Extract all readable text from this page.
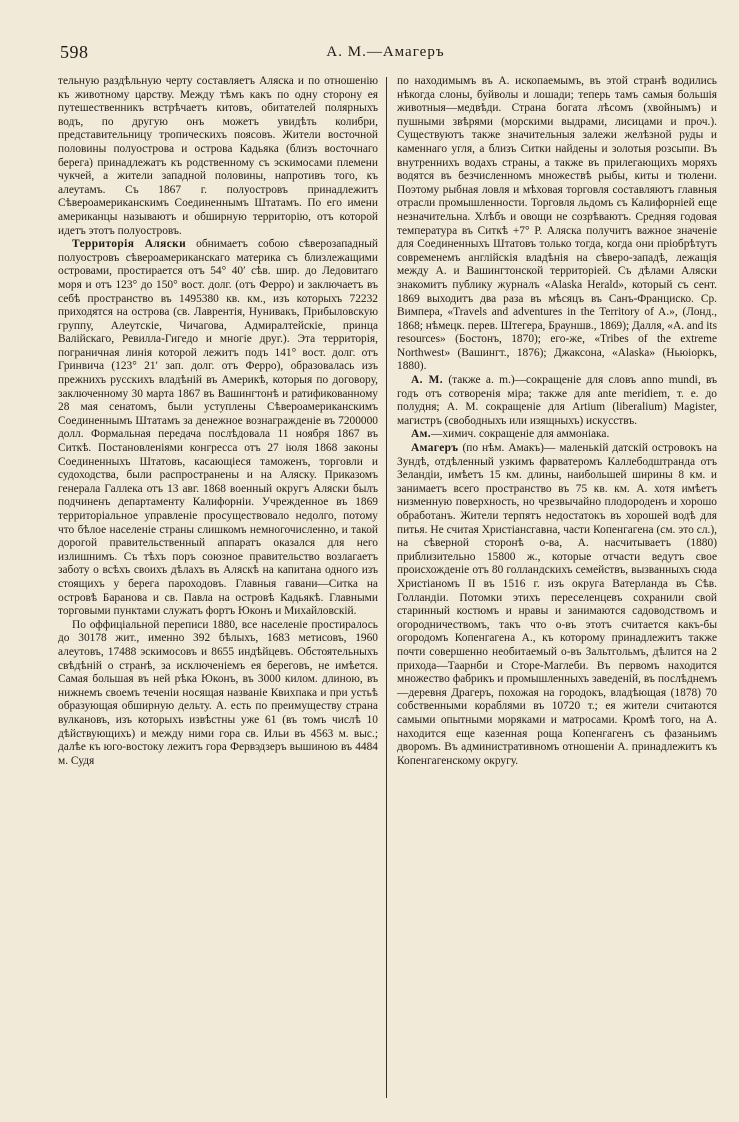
598	А. М.—Амагеръ

тельную раздѣльную черту составляетъ Аляска и по отношенію къ животному царству. Между тѣмъ какъ по одну сторону ея путешественникъ встрѣчаетъ китовъ, обитателей полярныхъ водъ, по другую онъ можетъ увидѣть колибри, представительницу тропическихъ поясовъ. Жители восточной половины полуострова и острова Кадьяка (близъ восточнаго берега) принадлежатъ къ родственному съ эскимосами племени чукчей, а жители западной половины, напротивъ того, къ алеутамъ. Съ 1867 г. полуостровъ принадлежитъ Сѣвероамериканскимъ Соединеннымъ Штатамъ. По его имени американцы называютъ и обширную территорію, отъ которой идетъ этотъ полуостровъ.

Территорія Аляски обнимаетъ собою сѣверозападный полуостровъ сѣвероамериканскаго материка съ близлежащими островами, простирается отъ 54° 40′ сѣв. шир. до Ледовитаго моря и отъ 123° до 150° вост. долг. (отъ Ферро) и заключаетъ въ себѣ пространство въ 1495380 кв. км., изъ которыхъ 72232 приходятся на острова (св. Лаврентія, Нунивакъ, Прибыловскую группу, Алеутскіе, Чичагова, Адмиралтейскіе, принца Валійскаго, Ревилла-Гигедо и многіе друг.). Эта территорія, пограничная линія которой лежитъ подъ 141° вост. долг. отъ Гринвича (123° 21′ зап. долг. отъ Ферро), образовалась изъ прежнихъ русскихъ владѣній въ Америкѣ, которыя по договору, заключенному 30 марта 1867 въ Вашингтонѣ и ратификованному 28 мая сенатомъ, были уступлены Сѣвероамериканскимъ Соединеннымъ Штатамъ за денежное вознагражденіе въ 7200000 долл. Формальная передача послѣдовала 11 ноября 1867 въ Ситкѣ. Постановленіями конгресса отъ 27 іюля 1868 законы Соединенныхъ Штатовъ, касающіеся таможенъ, торговли и судоходства, были распространены и на Аляску. Приказомъ генерала Галлека отъ 13 авг. 1868 военный округъ Аляски былъ подчиненъ департаменту Калифорніи. Учрежденное въ 1869 территоріальное управленіе просуществовало недолго, потому что бѣлое населеніе страны слишкомъ немногочисленно, и такой дорогой правительственный аппаратъ оказался для него излишнимъ. Съ тѣхъ поръ союзное правительство возлагаетъ заботу о всѣхъ своихъ дѣлахъ въ Аляскѣ на капитана одного изъ стоящихъ у берега пароходовъ. Главныя гавани—Ситка на островѣ Баранова и св. Павла на островѣ Кадьякѣ. Главными торговыми пунктами служатъ фортъ Юконъ и Михайловскій.

По оффиціальной переписи 1880, все населеніе простиралось до 30178 жит., именно 392 бѣлыхъ, 1683 метисовъ, 1960 алеутовъ, 17488 эскимосовъ и 8655 индѣйцевъ. Обстоятельныхъ свѣдѣній о странѣ, за исключеніемъ ея береговъ, не имѣется. Самая большая въ ней рѣка Юконъ, въ 3000 килом. длиною, въ нижнемъ своемъ теченіи носящая названіе Квихпака и при устьѣ образующая обширную дельту. А. есть по преимуществу страна вулкановъ, изъ которыхъ извѣстны уже 61 (въ томъ числѣ 10 дѣйствующихъ) и между ними гора св. Ильи въ 4563 м. выс.; далѣе къ юго-востоку лежитъ гора Фервэдзеръ вышиною въ 4484 м. Судя

по находимымъ въ А. ископаемымъ, въ этой странѣ водились нѣкогда слоны, буйволы и лошади; теперь тамъ самыя большія животныя—медвѣди. Страна богата лѣсомъ (хвойнымъ) и пушными звѣрями (морскими выдрами, лисицами и проч.). Существуютъ также значительныя залежи желѣзной руды и каменнаго угля, а близъ Ситки найдены и золотыя розсыпи. Въ внутреннихъ водахъ страны, а также въ прилегающихъ моряхъ водятся въ безчисленномъ множествѣ рыбы, киты и тюлени. Поэтому рыбная ловля и мѣховая торговля составляютъ главныя отрасли промышленности. Торговля льдомъ съ Калифорніей еще незначительна. Хлѣбъ и овощи не созрѣваютъ. Средняя годовая температура въ Ситкѣ +7° Р. Аляска получитъ важное значеніе для Соединенныхъ Штатовъ только тогда, когда они пріобрѣтутъ современемъ англійскія владѣнія на сѣверо-западѣ, лежащія между А. и Вашингтонской территоріей. Съ дѣлами Аляски знакомитъ публику журналъ «Alaska Herald», который съ сент. 1869 выходитъ два раза въ мѣсяцъ въ Санъ-Франциско. Ср. Вимпера, «Travels and adventures in the Territory of A.», (Лонд., 1868; нѣмецк. перев. Штегера, Брауншв., 1869); Далля, «A. and its resources» (Бостонъ, 1870); его-же, «Tribes of the extreme Northwest» (Вашингт., 1876); Джаксона, «Alaska» (Ньюіоркъ, 1880).

А. М. (также а. m.)—сокращеніе для словъ anno mundi, въ годъ отъ сотворенія міра; также для ante meridiem, т. е. до полудня; А. М. сокращеніе для Artium (liberalium) Magister, магистръ (свободныхъ или изящныхъ) искусствъ.

Ам.—химич. сокращеніе для аммоніака.

Амагеръ (по нѣм. Амакъ)— маленькій датскій островокъ на Зундѣ, отдѣленный узкимъ фарватеромъ Каллебодштранда отъ Зеландіи, имѣетъ 15 км. длины, наибольшей ширины 8 км. и занимаетъ всего пространство въ 75 кв. км. А. хотя имѣетъ низменную поверхность, но чрезвычайно плодороденъ и хорошо обработанъ. Жители терпятъ недостатокъ въ хорошей водѣ для питья. Не считая Христіансгавна, части Копенгагена (см. это сл.), на сѣверной сторонѣ о-ва, А. насчитываетъ (1880) приблизительно 15800 ж., которые отчасти ведутъ свое происхожденіе отъ 80 голландскихъ семействъ, вызванныхъ сюда Христіаномъ II въ 1516 г. изъ округа Ватерланда въ Сѣв. Голландіи. Потомки этихъ переселенцевъ сохранили свой старинный костюмъ и нравы и занимаются садоводствомъ и огородничествомъ, такъ что о-въ этотъ считается какъ-бы огородомъ Копенгагена А., къ которому принадлежитъ также почти совершенно необитаемый о-въ Зальтгольмъ, дѣлится на 2 прихода—Таарнби и Сторе-Маглеби. Въ первомъ находится множество фабрикъ и промышленныхъ заведеній, въ послѣднемъ—деревня Драгеръ, похожая на городокъ, владѣющая (1878) 70 собственными кораблями въ 10720 т.; ея жители считаются самыми опытными моряками и матросами. Кромѣ того, на А. находится еще казенная роща Копенгагенъ съ фазаньимъ дворомъ. Въ административномъ отношеніи А. принадлежитъ къ Копенгагенскому округу.
